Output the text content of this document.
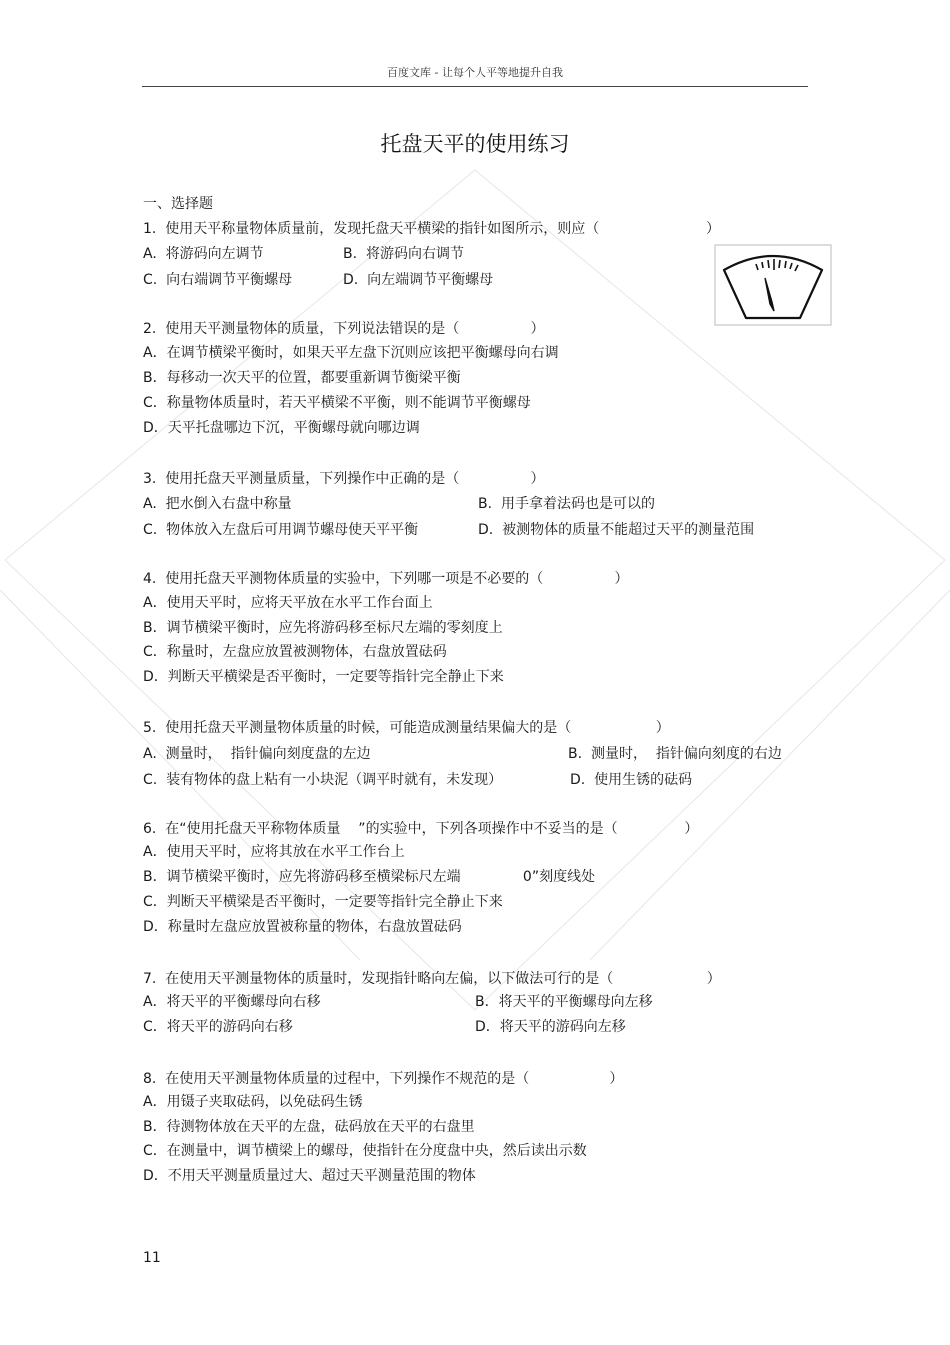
百度文库 - 让每个人平等地提升自我
托盘天平的使用练习
一、选择题
1.  使用天平称量物体质量前，发现托盘天平横梁的指针如图所示，则应（                        ）
A.  将游码向左调节	B.  将游码向右调节
C.  向右端调节平衡螺母	D.  向左端调节平衡螺母
2.  使用天平测量物体的质量，下列说法错误的是（                ）
A．在调节横梁平衡时，如果天平左盘下沉则应该把平衡螺母向右调
B．每移动一次天平的位置，都要重新调节衡梁平衡
C．称量物体质量时，若天平横梁不平衡，则不能调节平衡螺母
D．天平托盘哪边下沉，平衡螺母就向哪边调
3.  使用托盘天平测量质量，下列操作中正确的是（                ）
A.  把水倒入右盘中称量	B.  用手拿着法码也是可以的
C.  物体放入左盘后可用调节螺母使天平平衡	D.  被测物体的质量不能超过天平的测量范围
4.  使用托盘天平测物体质量的实验中，下列哪一项是不必要的（                ）
A．使用天平时，应将天平放在水平工作台面上
B．调节横梁平衡时，应先将游码移至标尺左端的零刻度上
C．称量时，左盘应放置被测物体，右盘放置砝码
D．判断天平横梁是否平衡时，一定要等指针完全静止下来
5.  使用托盘天平测量物体质量的时候，可能造成测量结果偏大的是（                   ）
A.  测量时，  指针偏向刻度盘的左边	B.  测量时，  指针偏向刻度的右边
C.  装有物体的盘上粘有一小块泥（调平时就有，未发现）	D.  使用生锈的砝码
6.  在“使用托盘天平称物体质量    ”的实验中，下列各项操作中不妥当的是（               ）
A．使用天平时，应将其放在水平工作台上
B．调节横梁平衡时，应先将游码移至横梁标尺左端              0”刻度线处
C．判断天平横梁是否平衡时，一定要等指针完全静止下来
D．称量时左盘应放置被称量的物体，右盘放置砝码
7.  在使用天平测量物体的质量时，发现指针略向左偏，以下做法可行的是（                     ）
A．将天平的平衡螺母向右移	B．将天平的平衡螺母向左移
C．将天平的游码向右移	D．将天平的游码向左移
8.  在使用天平测量物体质量的过程中，下列操作不规范的是（                  ）
A．用镊子夹取砝码，以免砝码生锈
B．待测物体放在天平的左盘，砝码放在天平的右盘里
C．在测量中，调节横梁上的螺母，使指针在分度盘中央，然后读出示数
D．不用天平测量质量过大、超过天平测量范围的物体
11
